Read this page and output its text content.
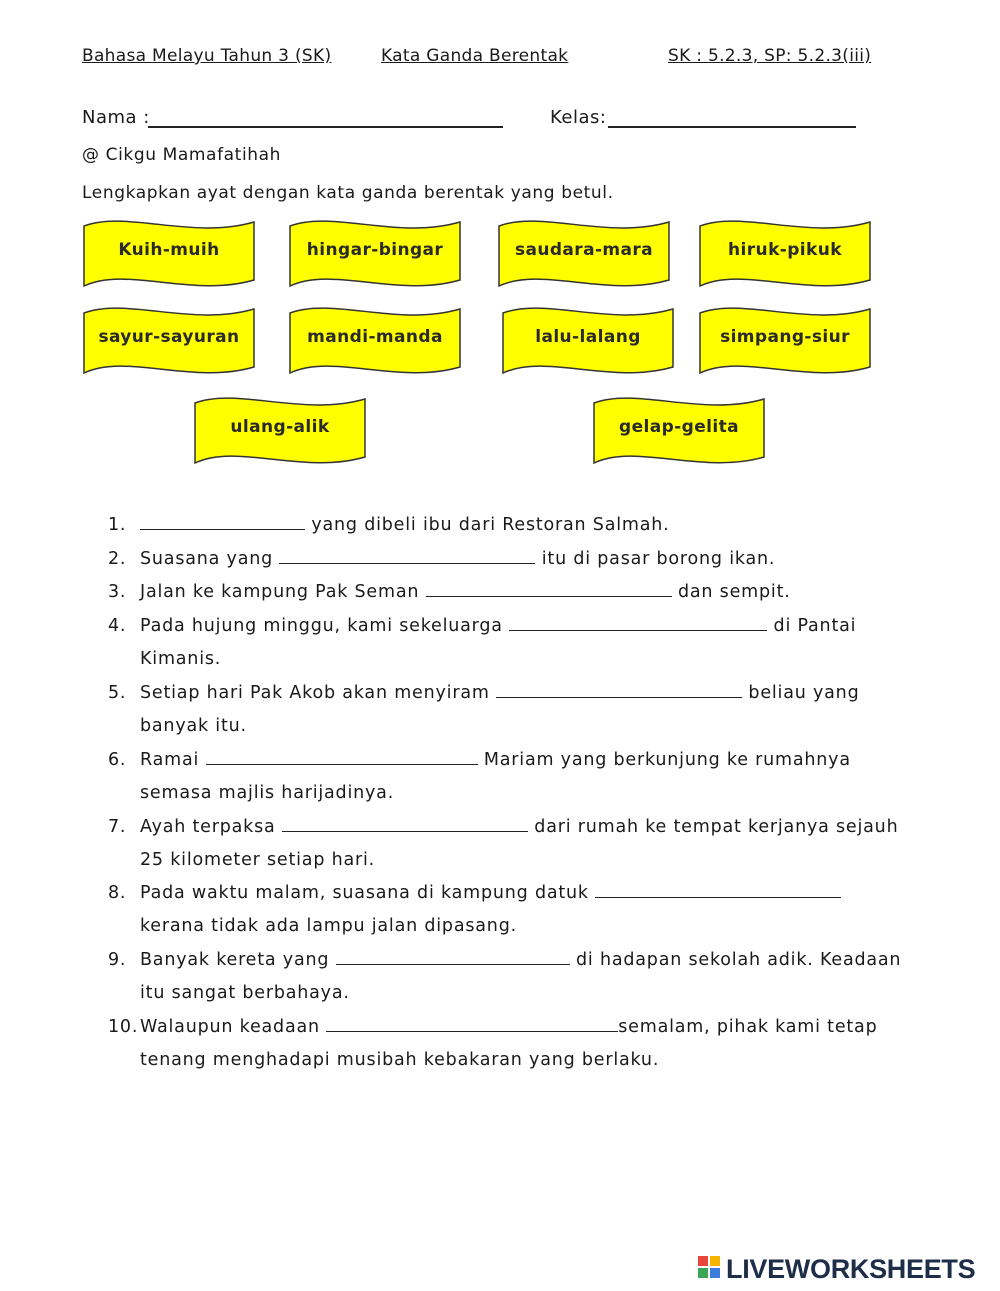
Bahasa Melayu Tahun 3 (SK)	Kata Ganda Berentak	SK : 5.2.3, SP: 5.2.3(iii)
Nama :	Kelas:
@ Cikgu Mamafatihah
Lengkapkan ayat dengan kata ganda berentak yang betul.
Kuih-muih	hingar-bingar	saudara-mara	hiruk-pikuk
sayur-sayuran	mandi-manda	lalu-lalang	simpang-siur
ulang-alik	gelap-gelita
1.	yang dibeli ibu dari Restoran Salmah.
2. Suasana yang	itu di pasar borong ikan.
3. Jalan ke kampung Pak Seman	dan sempit.
4. Pada hujung minggu, kami sekeluarga	di Pantai Kimanis.
5. Setiap hari Pak Akob akan menyiram	beliau yang banyak itu.
6. Ramai	Mariam yang berkunjung ke rumahnya semasa majlis harijadinya.
7. Ayah terpaksa	dari rumah ke tempat kerjanya sejauh 25 kilometer setiap hari.
8. Pada waktu malam, suasana di kampung datuk  kerana tidak ada lampu jalan dipasang.
9. Banyak kereta yang	di hadapan sekolah adik. Keadaan itu sangat berbahaya.
10. Walaupun keadaan	semalam, pihak kami tetap tenang menghadapi musibah kebakaran yang berlaku.
LIVEWORKSHEETS
